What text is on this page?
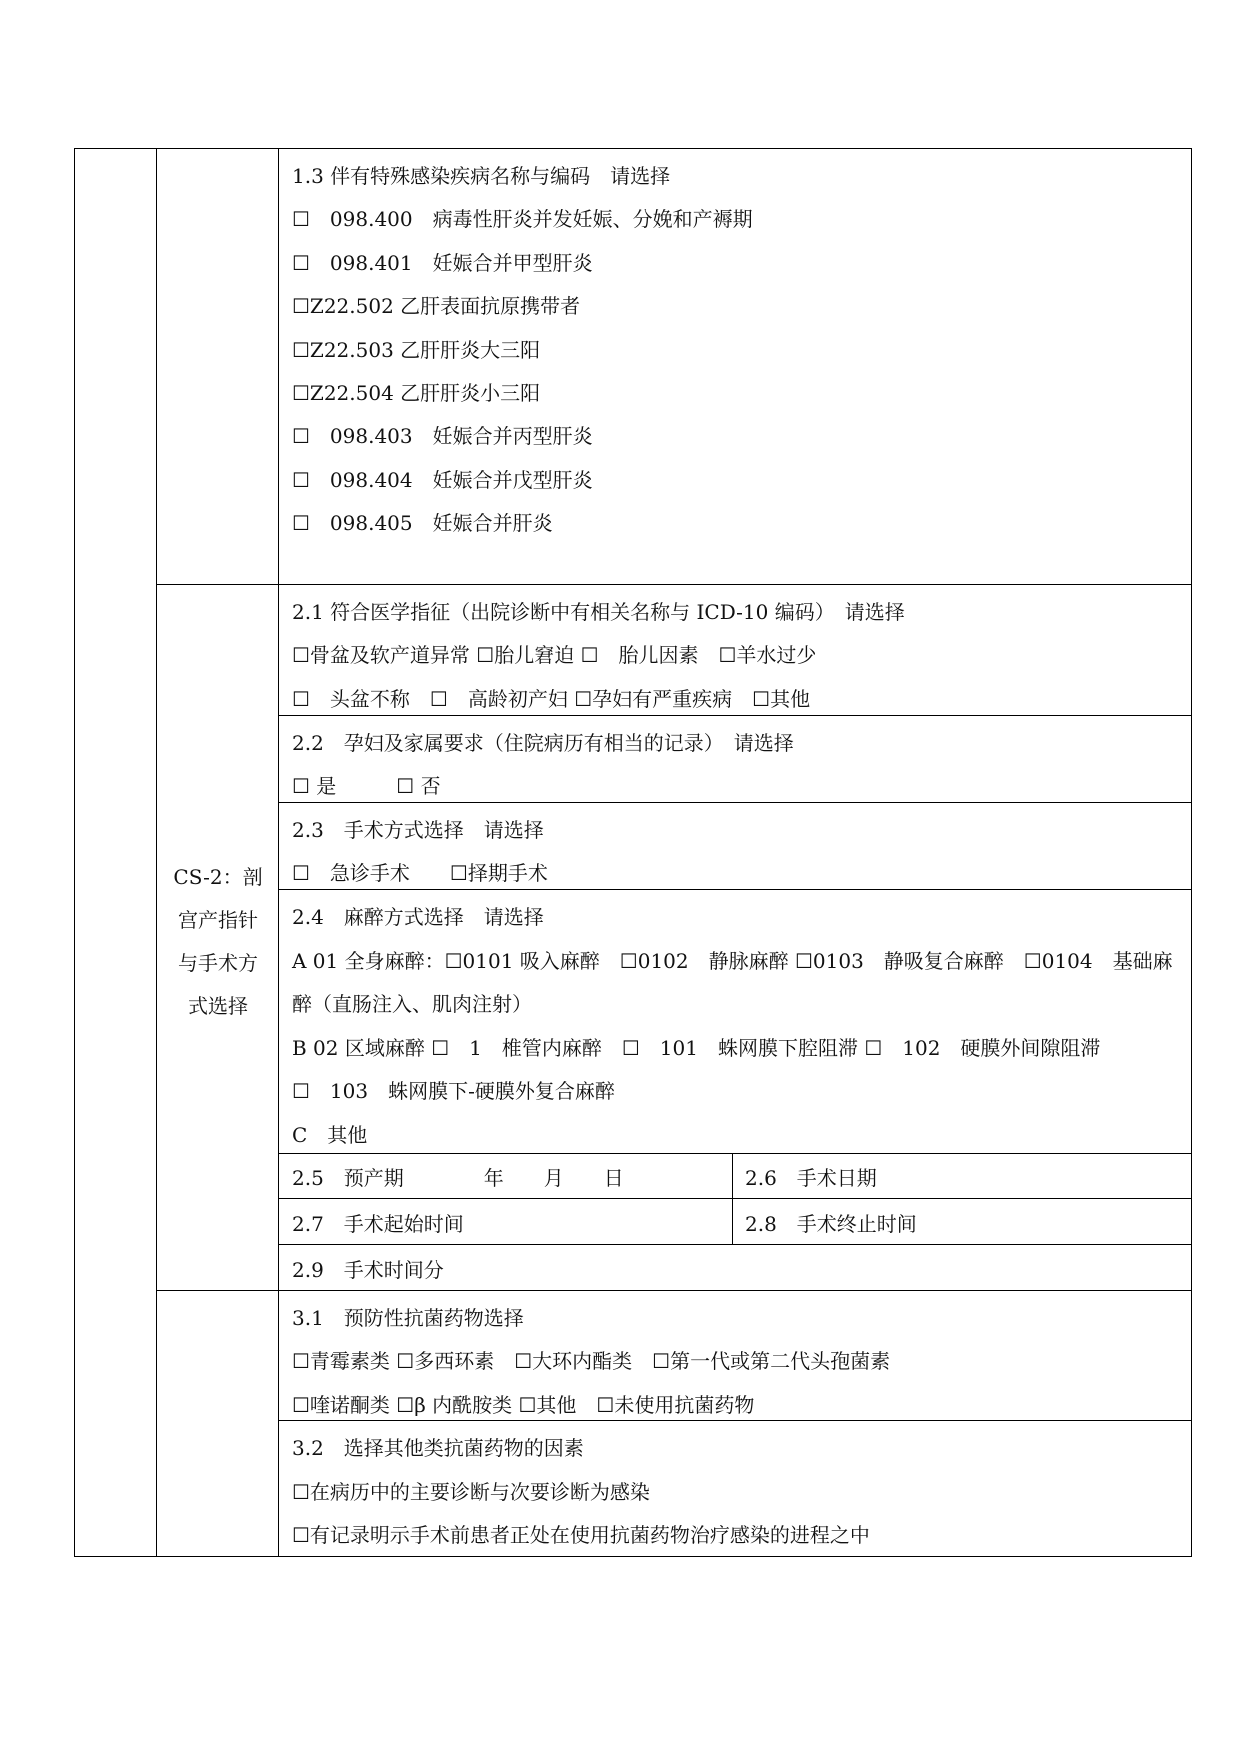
1.3 伴有特殊感染疾病名称与编码　请选择
☐　098.400　病毒性肝炎并发妊娠、分娩和产褥期
☐　098.401　妊娠合并甲型肝炎
☐Z22.502 乙肝表面抗原携带者
☐Z22.503 乙肝肝炎大三阳
☐Z22.504 乙肝肝炎小三阳
☐　098.403　妊娠合并丙型肝炎
☐　098.404　妊娠合并戊型肝炎
☐　098.405　妊娠合并肝炎
CS-2：剖
宫产指针
与手术方
式选择
2.1 符合医学指征（出院诊断中有相关名称与 ICD-10 编码）　请选择
☐骨盆及软产道异常 ☐胎儿窘迫 ☐　胎儿因素　☐羊水过少
☐　头盆不称　☐　高龄初产妇 ☐孕妇有严重疾病　☐其他
2.2　孕妇及家属要求（住院病历有相当的记录）　请选择
☐ 是　　　☐ 否
2.3　手术方式选择　请选择
☐　急诊手术　　☐择期手术
2.4　麻醉方式选择　请选择
A 01 全身麻醉：☐0101 吸入麻醉　☐0102　静脉麻醉 ☐0103　静吸复合麻醉　☐0104　基础麻
醉（直肠注入、肌肉注射）
B 02 区域麻醉 ☐　1　椎管内麻醉　☐　101　蛛网膜下腔阻滞 ☐　102　硬膜外间隙阻滞
☐　103　蛛网膜下-硬膜外复合麻醉
C　其他
2.5　预产期　　　　年　　月　　日	2.6　手术日期
2.7　手术起始时间	2.8　手术终止时间
2.9　手术时间分
3.1　预防性抗菌药物选择
☐青霉素类 ☐多西环素　☐大环内酯类　☐第一代或第二代头孢菌素
☐喹诺酮类 ☐β 内酰胺类 ☐其他　☐未使用抗菌药物
3.2　选择其他类抗菌药物的因素
☐在病历中的主要诊断与次要诊断为感染
☐有记录明示手术前患者正处在使用抗菌药物治疗感染的进程之中
